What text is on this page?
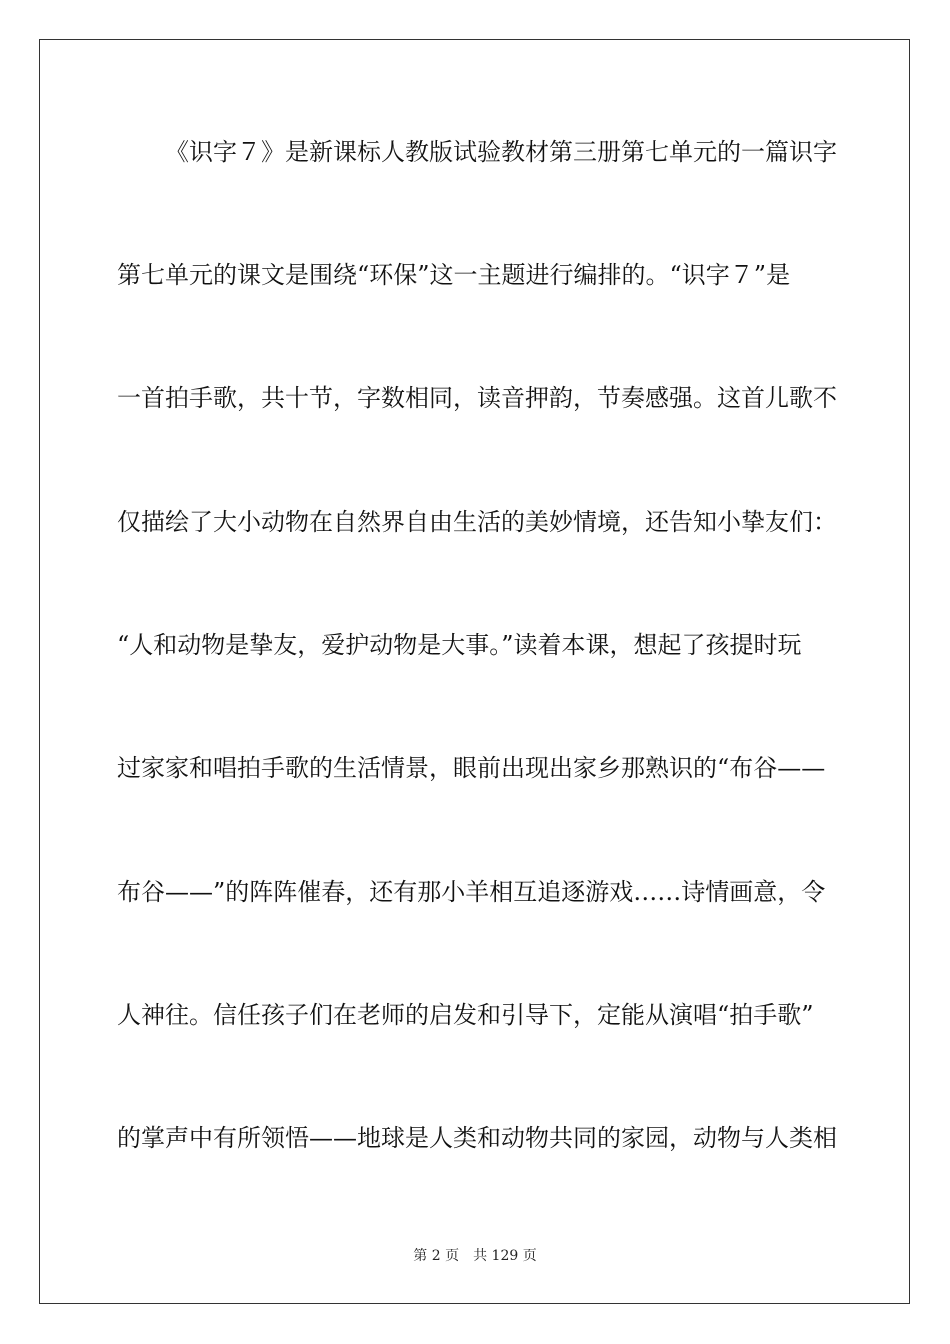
《识字７》是新课标人教版试验教材第三册第七单元的一篇识字
第七单元的课文是围绕“环保”这一主题进行编排的。“识字７”是
一首拍手歌，共十节，字数相同，读音押韵，节奏感强。这首儿歌不
仅描绘了大小动物在自然界自由生活的美妙情境，还告知小挚友们：
“人和动物是挚友，爱护动物是大事。”读着本课，想起了孩提时玩
过家家和唱拍手歌的生活情景，眼前出现出家乡那熟识的“布谷——
布谷——”的阵阵催春，还有那小羊相互追逐游戏……诗情画意，令
人神往。信任孩子们在老师的启发和引导下，定能从演唱“拍手歌”
的掌声中有所领悟——地球是人类和动物共同的家园，动物与人类相
第 2 页　共 129 页
